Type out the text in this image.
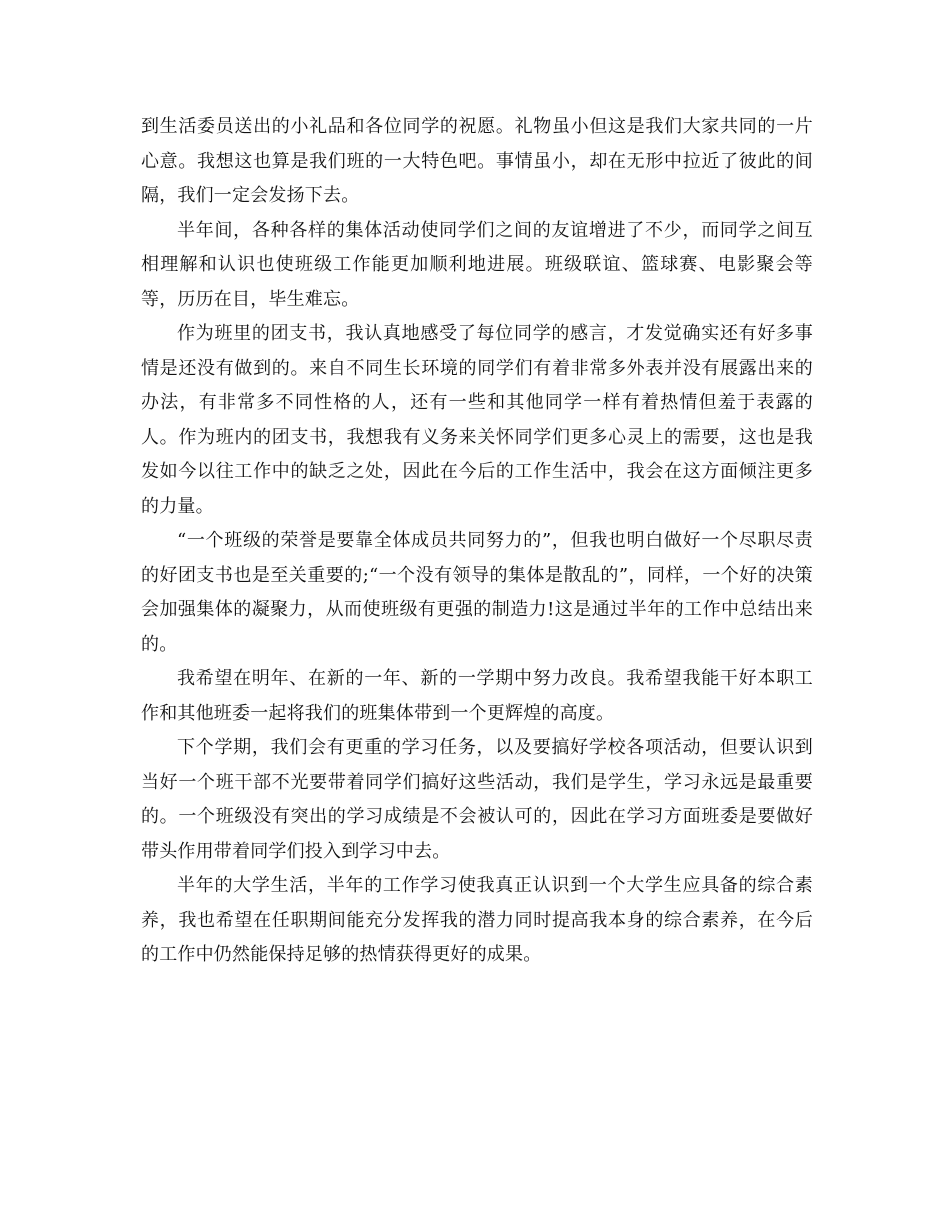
到生活委员送出的小礼品和各位同学的祝愿。礼物虽小但这是我们大家共同的一片心意。我想这也算是我们班的一大特色吧。事情虽小，却在无形中拉近了彼此的间隔，我们一定会发扬下去。

半年间，各种各样的集体活动使同学们之间的友谊增进了不少，而同学之间互相理解和认识也使班级工作能更加顺利地进展。班级联谊、篮球赛、电影聚会等等，历历在目，毕生难忘。

作为班里的团支书，我认真地感受了每位同学的感言，才发觉确实还有好多事情是还没有做到的。来自不同生长环境的同学们有着非常多外表并没有展露出来的办法，有非常多不同性格的人，还有一些和其他同学一样有着热情但羞于表露的人。作为班内的团支书，我想我有义务来关怀同学们更多心灵上的需要，这也是我发如今以往工作中的缺乏之处，因此在今后的工作生活中，我会在这方面倾注更多的力量。

“一个班级的荣誉是要靠全体成员共同努力的”，但我也明白做好一个尽职尽责的好团支书也是至关重要的;“一个没有领导的集体是散乱的”，同样，一个好的决策会加强集体的凝聚力，从而使班级有更强的制造力!这是通过半年的工作中总结出来的。

我希望在明年、在新的一年、新的一学期中努力改良。我希望我能干好本职工作和其他班委一起将我们的班集体带到一个更辉煌的高度。

下个学期，我们会有更重的学习任务，以及要搞好学校各项活动，但要认识到当好一个班干部不光要带着同学们搞好这些活动，我们是学生，学习永远是最重要的。一个班级没有突出的学习成绩是不会被认可的，因此在学习方面班委是要做好带头作用带着同学们投入到学习中去。

半年的大学生活，半年的工作学习使我真正认识到一个大学生应具备的综合素养，我也希望在任职期间能充分发挥我的潜力同时提高我本身的综合素养，在今后的工作中仍然能保持足够的热情获得更好的成果。
